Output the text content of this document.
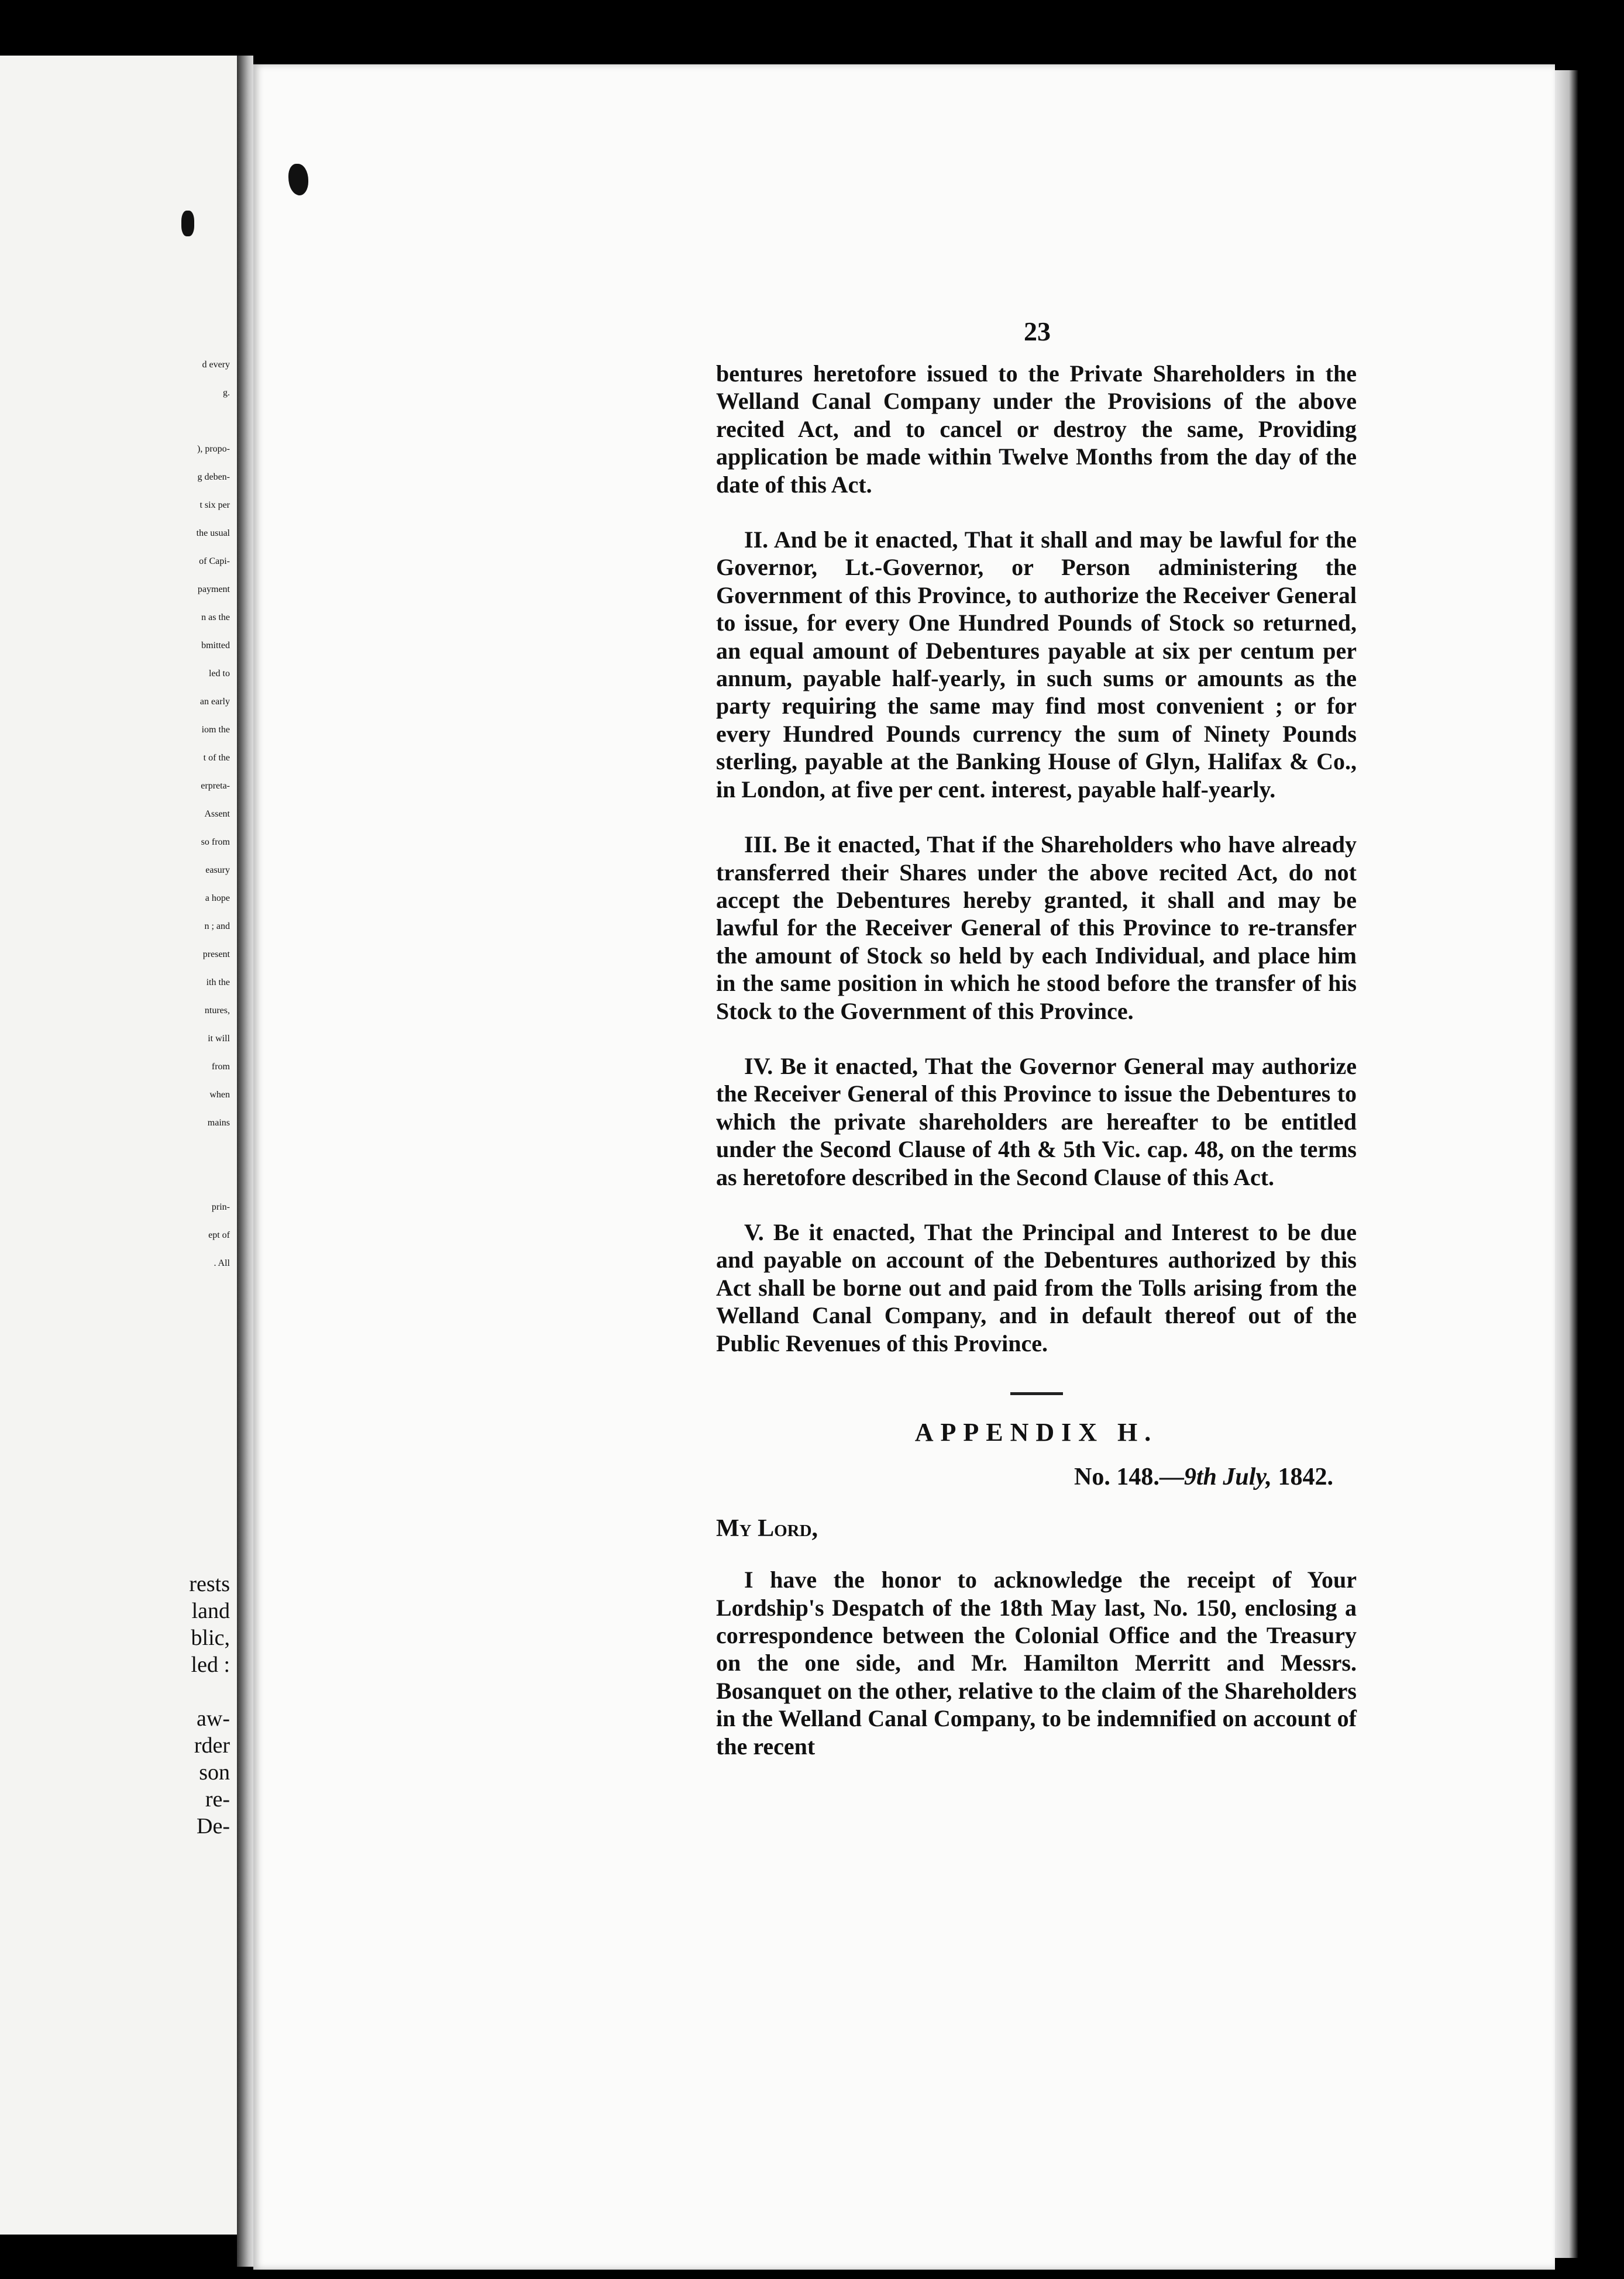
d every
g.
), propo-
g deben-
t six per
the usual
of Capi-
payment
n as the
bmitted
led to
an early
iom the
t of the
erpreta-
Assent
so from
easury
a hope
n ; and
present
ith the
ntures,
it will
from
when
mains
prin-
ept of
. All
rests
land
blic,
led :
aw-
rder
son
re-
De-
23

bentures heretofore issued to the Private Shareholders in the Welland Canal Company under the Provisions of the above recited Act, and to cancel or destroy the same, Providing application be made within Twelve Months from the day of the date of this Act.

II. And be it enacted, That it shall and may be lawful for the Governor, Lt.-Governor, or Person administering the Government of this Province, to authorize the Receiver General to issue, for every One Hundred Pounds of Stock so returned, an equal amount of Debentures payable at six per centum per annum, payable half-yearly, in such sums or amounts as the party requiring the same may find most convenient ; or for every Hundred Pounds currency the sum of Ninety Pounds sterling, payable at the Banking House of Glyn, Halifax & Co., in London, at five per cent. interest, payable half-yearly.

III. Be it enacted, That if the Shareholders who have already transferred their Shares under the above recited Act, do not accept the Debentures hereby granted, it shall and may be lawful for the Receiver General of this Province to re-transfer the amount of Stock so held by each Individual, and place him in the same position in which he stood before the transfer of his Stock to the Government of this Province.

IV. Be it enacted, That the Governor General may authorize the Receiver General of this Province to issue the Debentures to which the private shareholders are hereafter to be entitled under the Second Clause of 4th & 5th Vic. cap. 48, on the terms as heretofore described in the Second Clause of this Act.

V. Be it enacted, That the Principal and Interest to be due and payable on account of the Debentures authorized by this Act shall be borne out and paid from the Tolls arising from the Welland Canal Company, and in default thereof out of the Public Revenues of this Province.

APPENDIX H.
No. 148.—9th July, 1842.
My Lord,

I have the honor to acknowledge the receipt of Your Lordship's Despatch of the 18th May last, No. 150, enclosing a correspondence between the Colonial Office and the Treasury on the one side, and Mr. Hamilton Merritt and Messrs. Bosanquet on the other, relative to the claim of the Shareholders in the Welland Canal Company, to be indemnified on account of the recent
